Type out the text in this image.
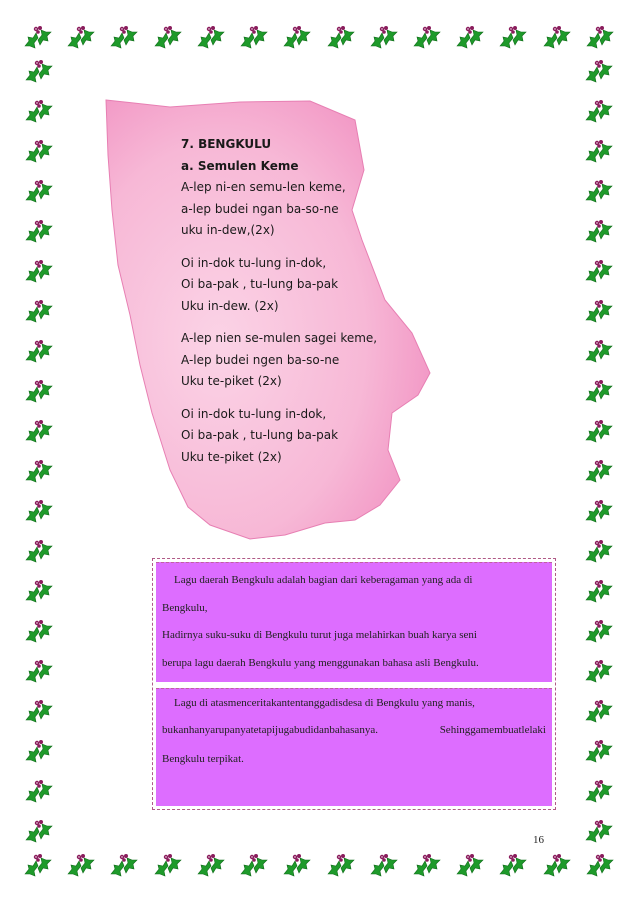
7. BENGKULU
a. Semulen Keme
A-lep ni-en semu-len keme,
a-lep budei ngan ba-so-ne
uku in-dew,(2x)
Oi in-dok tu-lung in-dok,
Oi ba-pak , tu-lung ba-pak
Uku in-dew. (2x)
A-lep nien se-mulen sagei keme,
A-lep budei ngen ba-so-ne
Uku te-piket (2x)
Oi in-dok tu-lung in-dok,
Oi ba-pak , tu-lung ba-pak
Uku te-piket (2x)
Lagu daerah Bengkulu adalah bagian dari keberagaman yang ada di
Bengkulu,
Hadirnya suku-suku di Bengkulu turut juga melahirkan buah karya seni
berupa lagu daerah Bengkulu yang menggunakan bahasa asli Bengkulu.
Lagu di atasmenceritakantentanggadisdesa di Bengkulu yang manis,
bukanhanyarupanyatetapijugabudidanbahasanya.	Sehinggamembuatlelaki
Bengkulu terpikat.
16
